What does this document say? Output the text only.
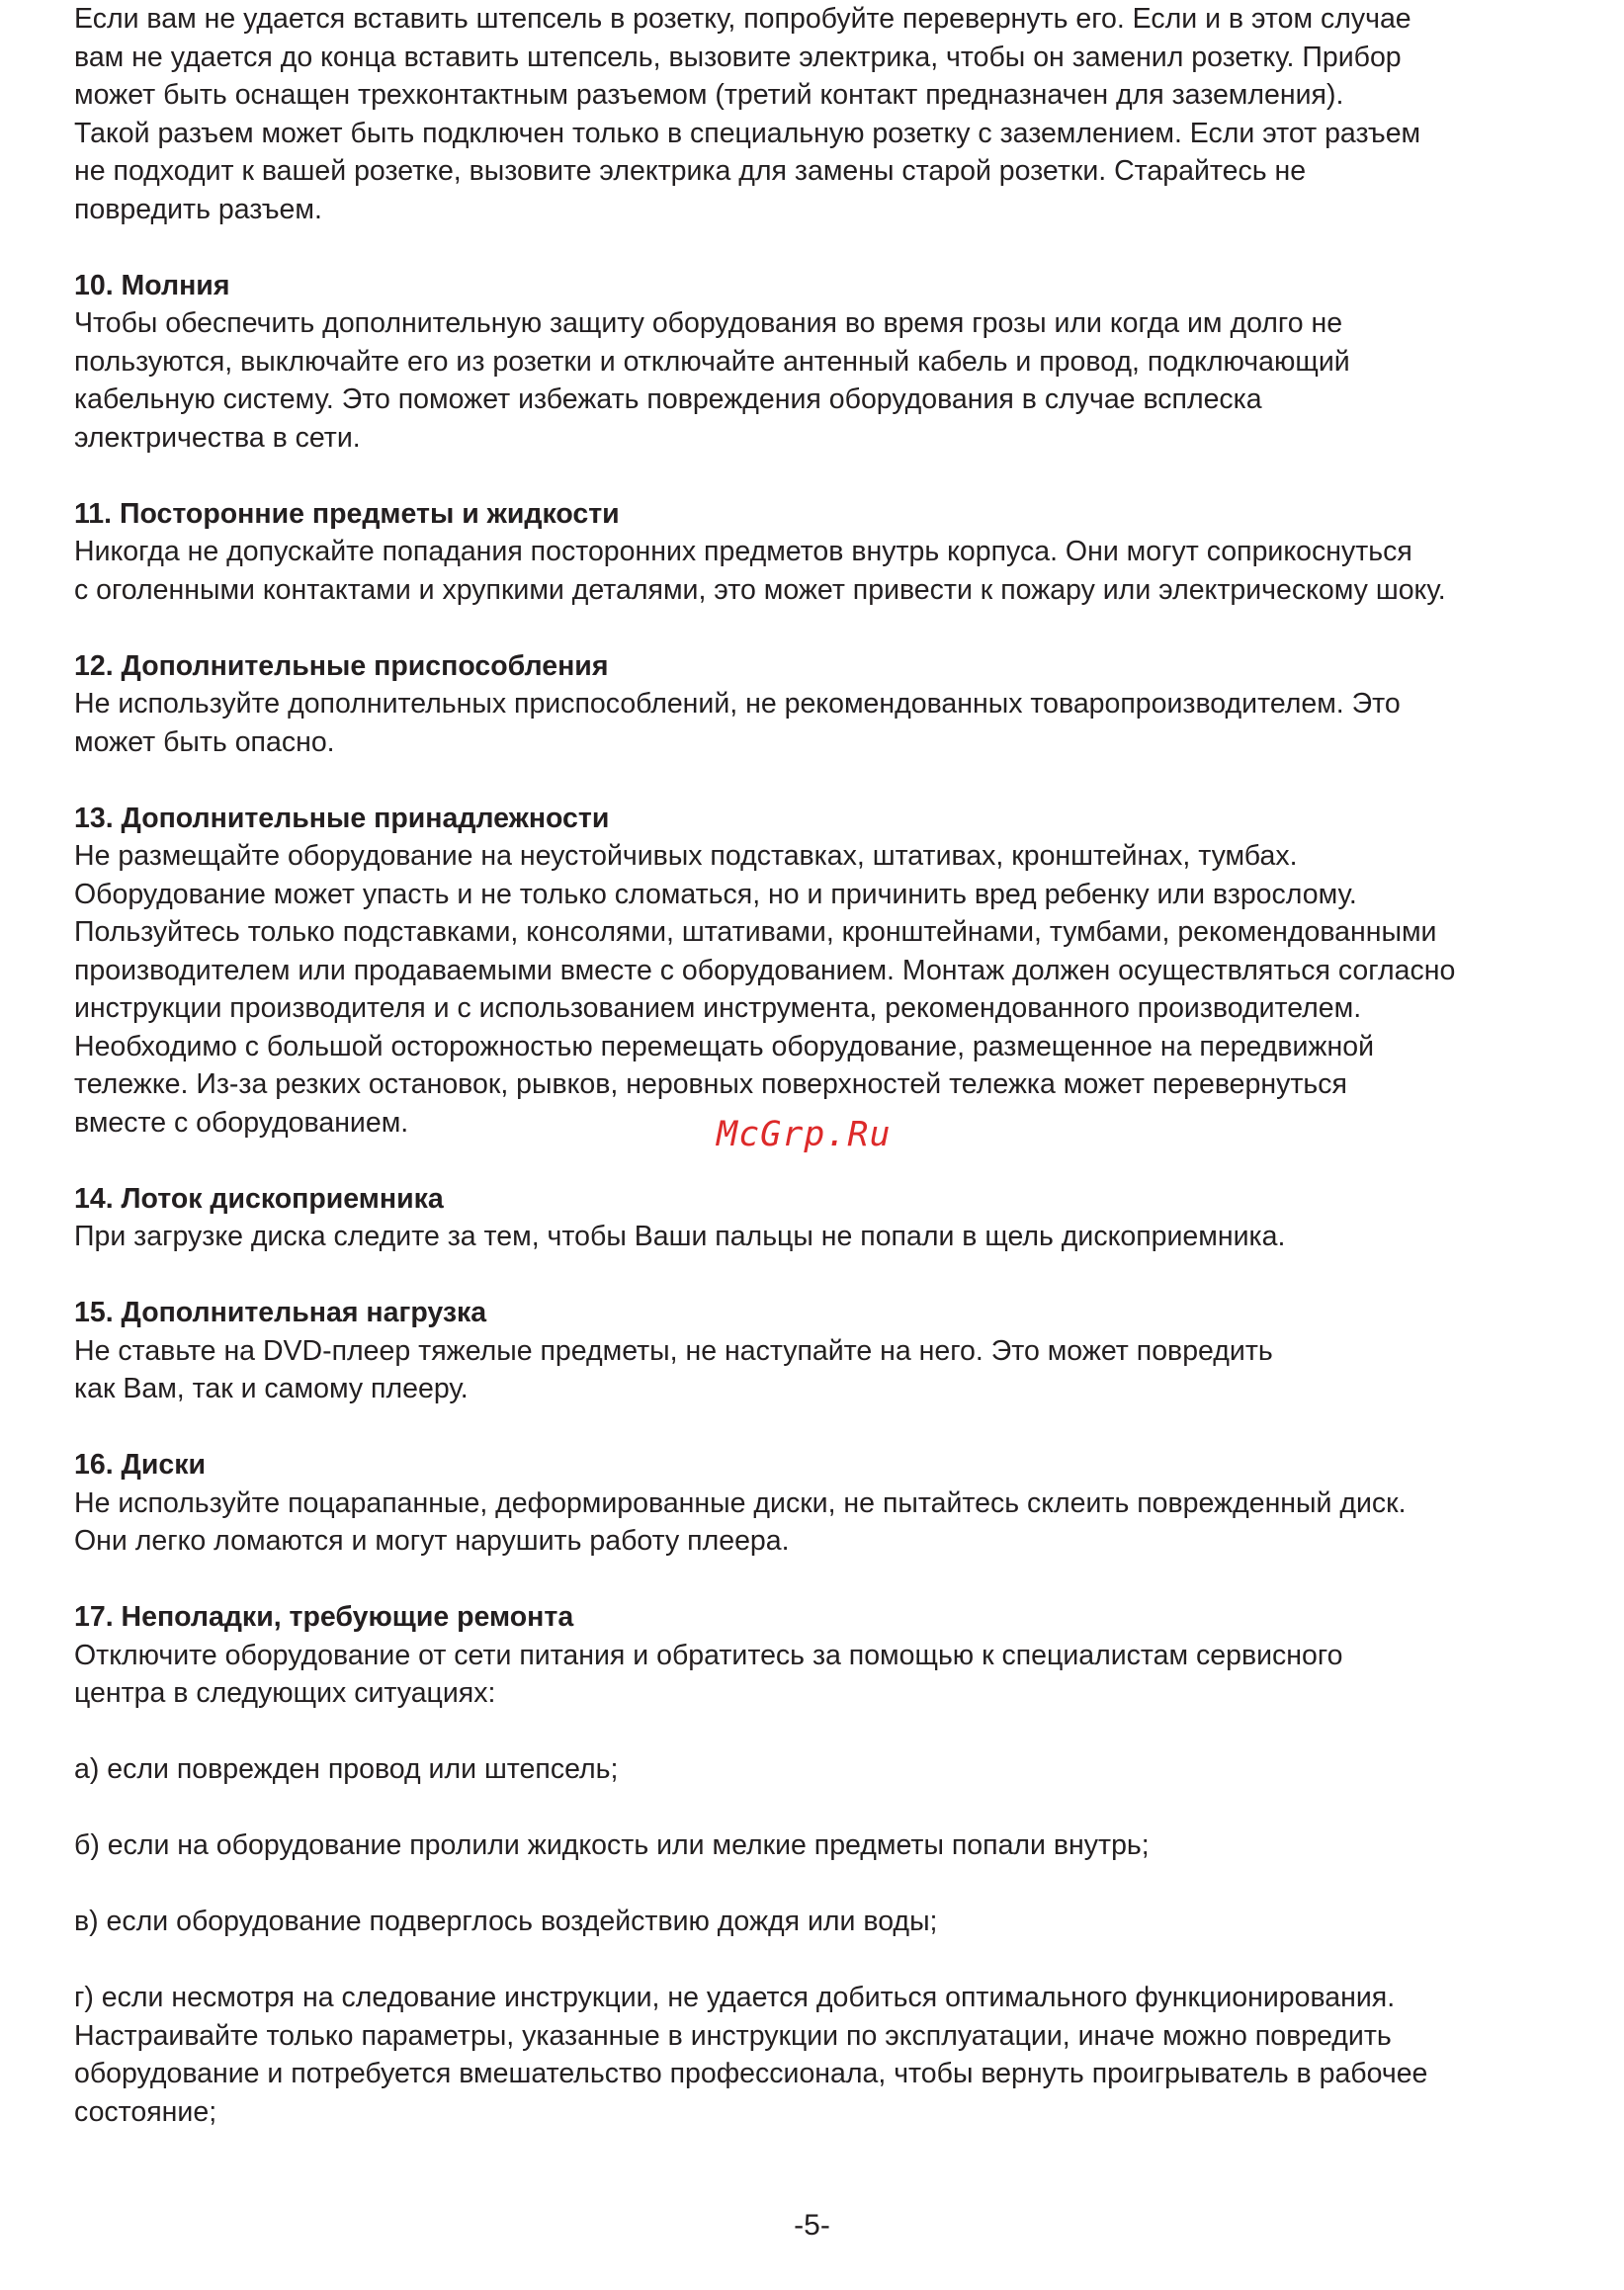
Если вам не удается вставить штепсель в розетку, попробуйте перевернуть его. Если и в этом случае
вам не удается до конца вставить штепсель, вызовите электрика, чтобы он заменил розетку. Прибор
может быть оснащен трехконтактным разъемом (третий контакт предназначен для заземления).
Такой разъем может быть подключен только в специальную розетку с заземлением. Если этот разъем
не подходит к вашей розетке, вызовите электрика для замены старой розетки. Старайтесь не
повредить разъем.
10. Молния
Чтобы обеспечить дополнительную защиту оборудования во время грозы или когда им долго не
пользуются, выключайте его из розетки и отключайте антенный кабель и провод, подключающий
кабельную систему. Это поможет избежать повреждения оборудования в случае всплеска
электричества в сети.
11. Посторонние предметы и жидкости
Никогда не допускайте попадания посторонних предметов внутрь корпуса. Они могут соприкоснуться
с оголенными контактами и хрупкими деталями, это может привести к пожару или электрическому шоку.
12. Дополнительные приспособления
Не используйте дополнительных приспособлений, не рекомендованных товаропроизводителем. Это
может быть опасно.
13. Дополнительные принадлежности
Не размещайте оборудование на неустойчивых подставках, штативах, кронштейнах, тумбах.
Оборудование может упасть и не только сломаться, но и причинить вред ребенку или взрослому.
Пользуйтесь только подставками, консолями, штативами, кронштейнами, тумбами, рекомендованными
производителем или продаваемыми вместе с оборудованием. Монтаж должен осуществляться согласно
инструкции производителя и с использованием инструмента, рекомендованного производителем.
Необходимо с большой осторожностью перемещать оборудование, размещенное на передвижной
тележке. Из-за резких остановок, рывков, неровных поверхностей тележка может перевернуться
вместе с оборудованием.
14. Лоток дископриемника
При загрузке диска следите за тем, чтобы Ваши пальцы не попали в щель дископриемника.
15. Дополнительная нагрузка
Не ставьте на DVD-плеер тяжелые предметы, не наступайте на него. Это может повредить
как Вам, так и самому плееру.
16. Диски
Не используйте поцарапанные, деформированные диски, не пытайтесь склеить поврежденный диск.
Они легко ломаются и могут нарушить работу плеера.
17. Неполадки, требующие ремонта
Отключите оборудование от сети питания и обратитесь за помощью к специалистам сервисного
центра в следующих ситуациях:
а) если поврежден провод или штепсель;
б) если на оборудование пролили жидкость или мелкие предметы попали внутрь;
в) если оборудование подверглось воздействию дождя или воды;
г) если несмотря на следование инструкции, не удается добиться оптимального функционирования.
Настраивайте только параметры, указанные в инструкции по эксплуатации, иначе можно повредить
оборудование и потребуется вмешательство профессионала, чтобы вернуть проигрыватель в рабочее
состояние;
McGrp.Ru
-5-
